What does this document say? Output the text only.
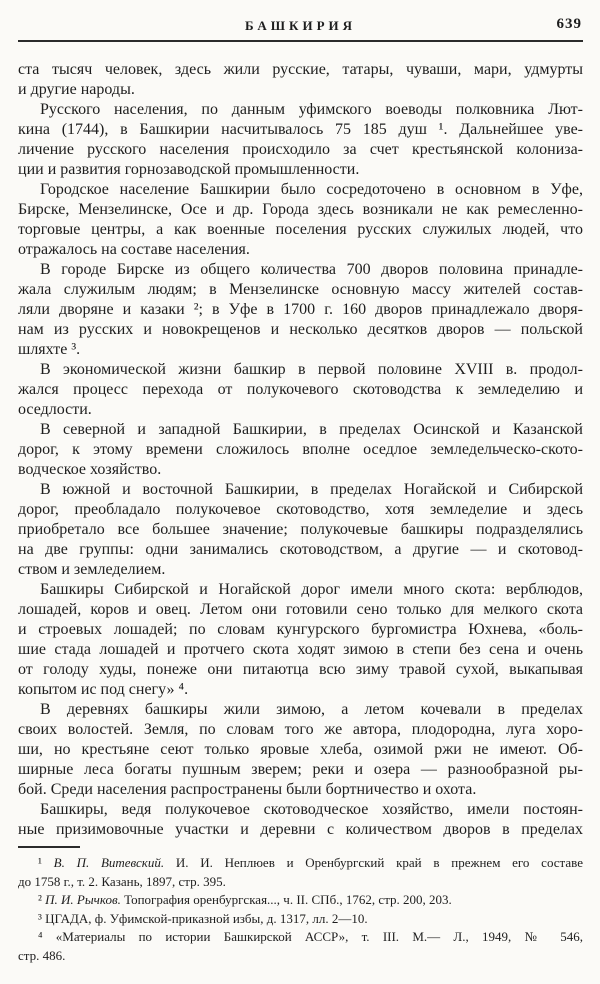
БАШКИРИЯ	639
ста тысяч человек, здесь жили русские, татары, чуваши, мари, удмурты
и другие народы.
Русского населения, по данным уфимского воеводы полковника Лют-
кина (1744), в Башкирии насчитывалось 75 185 душ ¹. Дальнейшее уве-
личение русского населения происходило за счет крестьянской колониза-
ции и развития горнозаводской промышленности.
Городское население Башкирии было сосредоточено в основном в Уфе,
Бирске, Мензелинске, Осе и др. Города здесь возникали не как ремесленно-
торговые центры, а как военные поселения русских служилых людей, что
отражалось на составе населения.
В городе Бирске из общего количества 700 дворов половина принадле-
жала служилым людям; в Мензелинске основную массу жителей состав-
ляли дворяне и казаки ²; в Уфе в 1700 г. 160 дворов принадлежало дворя-
нам из русских и новокрещенов и несколько десятков дворов — польской
шляхте ³.
В экономической жизни башкир в первой половине XVIII в. продол-
жался процесс перехода от полукочевого скотоводства к земледелию и
оседлости.
В северной и западной Башкирии, в пределах Осинской и Казанской
дорог, к этому времени сложилось вполне оседлое земледельческо-ското-
водческое хозяйство.
В южной и восточной Башкирии, в пределах Ногайской и Сибирской
дорог, преобладало полукочевое скотоводство, хотя земледелие и здесь
приобретало все большее значение; полукочевые башкиры подразделялись
на две группы: одни занимались скотоводством, а другие — и скотовод-
ством и земледелием.
Башкиры Сибирской и Ногайской дорог имели много скота: верблюдов,
лошадей, коров и овец. Летом они готовили сено только для мелкого скота
и строевых лошадей; по словам кунгурского бургомистра Юхнева, «боль-
шие стада лошадей и протчего скота ходят зимою в степи без сена и очень
от голоду худы, понеже они питаютца всю зиму травой сухой, выкапывая
копытом ис под снегу» ⁴.
В деревнях башкиры жили зимою, а летом кочевали в пределах
своих волостей. Земля, по словам того же автора, плодородна, луга хоро-
ши, но крестьяне сеют только яровые хлеба, озимой ржи не имеют. Об-
ширные леса богаты пушным зверем; реки и озера — разнообразной ры-
бой. Среди населения распространены были бортничество и охота.
Башкиры, ведя полукочевое скотоводческое хозяйство, имели постоян-
ные призимовочные участки и деревни с количеством дворов в пределах
¹ В. П. Витевский. И. И. Неплюев и Оренбургский край в прежнем его составе
до 1758 г., т. 2. Казань, 1897, стр. 395.
² П. И. Рычков. Топография оренбургская..., ч. II. СПб., 1762, стр. 200, 203.
³ ЦГАДА, ф. Уфимской-приказной избы, д. 1317, лл. 2—10.
⁴ «Материалы по истории Башкирской АССР», т. III. М.— Л., 1949, № 546,
стр. 486.
